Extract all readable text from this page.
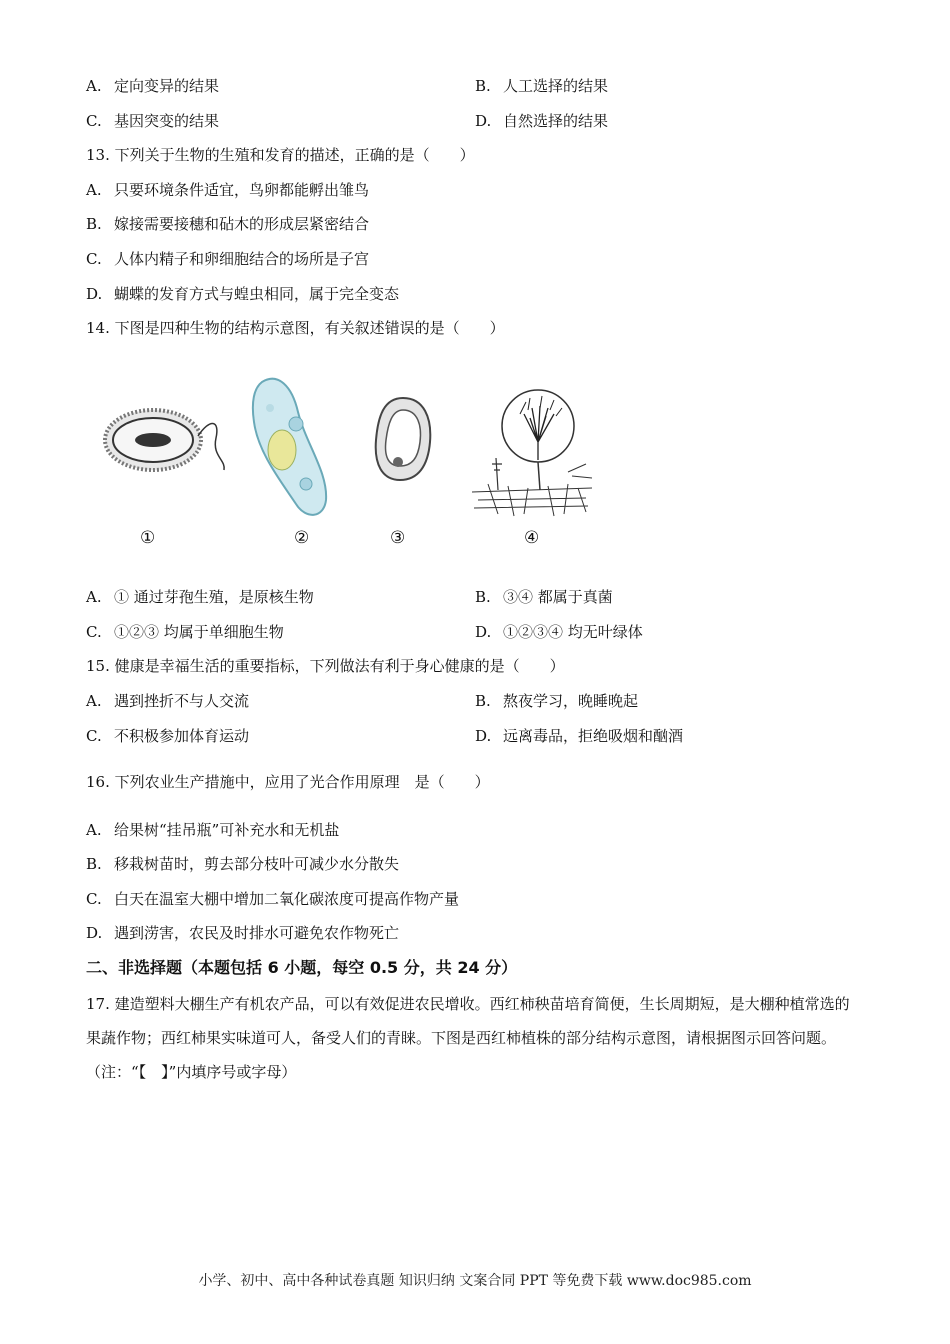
A. 定向变异的结果	B. 人工选择的结果
C. 基因突变的结果	D. 自然选择的结果
13. 下列关于生物的生殖和发育的描述，正确的是（　　）
A. 只要环境条件适宜，鸟卵都能孵出雏鸟
B. 嫁接需要接穗和砧木的形成层紧密结合
C. 人体内精子和卵细胞结合的场所是子宫
D. 蝴蝶的发育方式与蝗虫相同，属于完全变态
14. 下图是四种生物的结构示意图，有关叙述错误的是（　　）
①	②	③	④
A. ① 通过芽孢生殖，是原核生物	B. ③④ 都属于真菌
C. ①②③ 均属于单细胞生物	D. ①②③④ 均无叶绿体
15. 健康是幸福生活的重要指标，下列做法有利于身心健康的是（　　）
A. 遇到挫折不与人交流	B. 熬夜学习，晚睡晚起
C. 不积极参加体育运动	D. 远离毒品，拒绝吸烟和酗酒
16. 下列农业生产措施中，应用了光合作用原理　是（　　）
A. 给果树“挂吊瓶”可补充水和无机盐
B. 移栽树苗时，剪去部分枝叶可减少水分散失
C. 白天在温室大棚中增加二氧化碳浓度可提高作物产量
D. 遇到涝害，农民及时排水可避免农作物死亡
二、非选择题（本题包括 6 小题，每空 0.5 分，共 24 分）
17. 建造塑料大棚生产有机农产品，可以有效促进农民增收。西红柿秧苗培育简便，生长周期短，是大棚种植常选的果蔬作物；西红柿果实味道可人，备受人们的青睐。下图是西红柿植株的部分结构示意图，请根据图示回答问题。（注：“【　】”内填序号或字母）
小学、初中、高中各种试卷真题 知识归纳 文案合同 PPT 等免费下载 www.doc985.com
